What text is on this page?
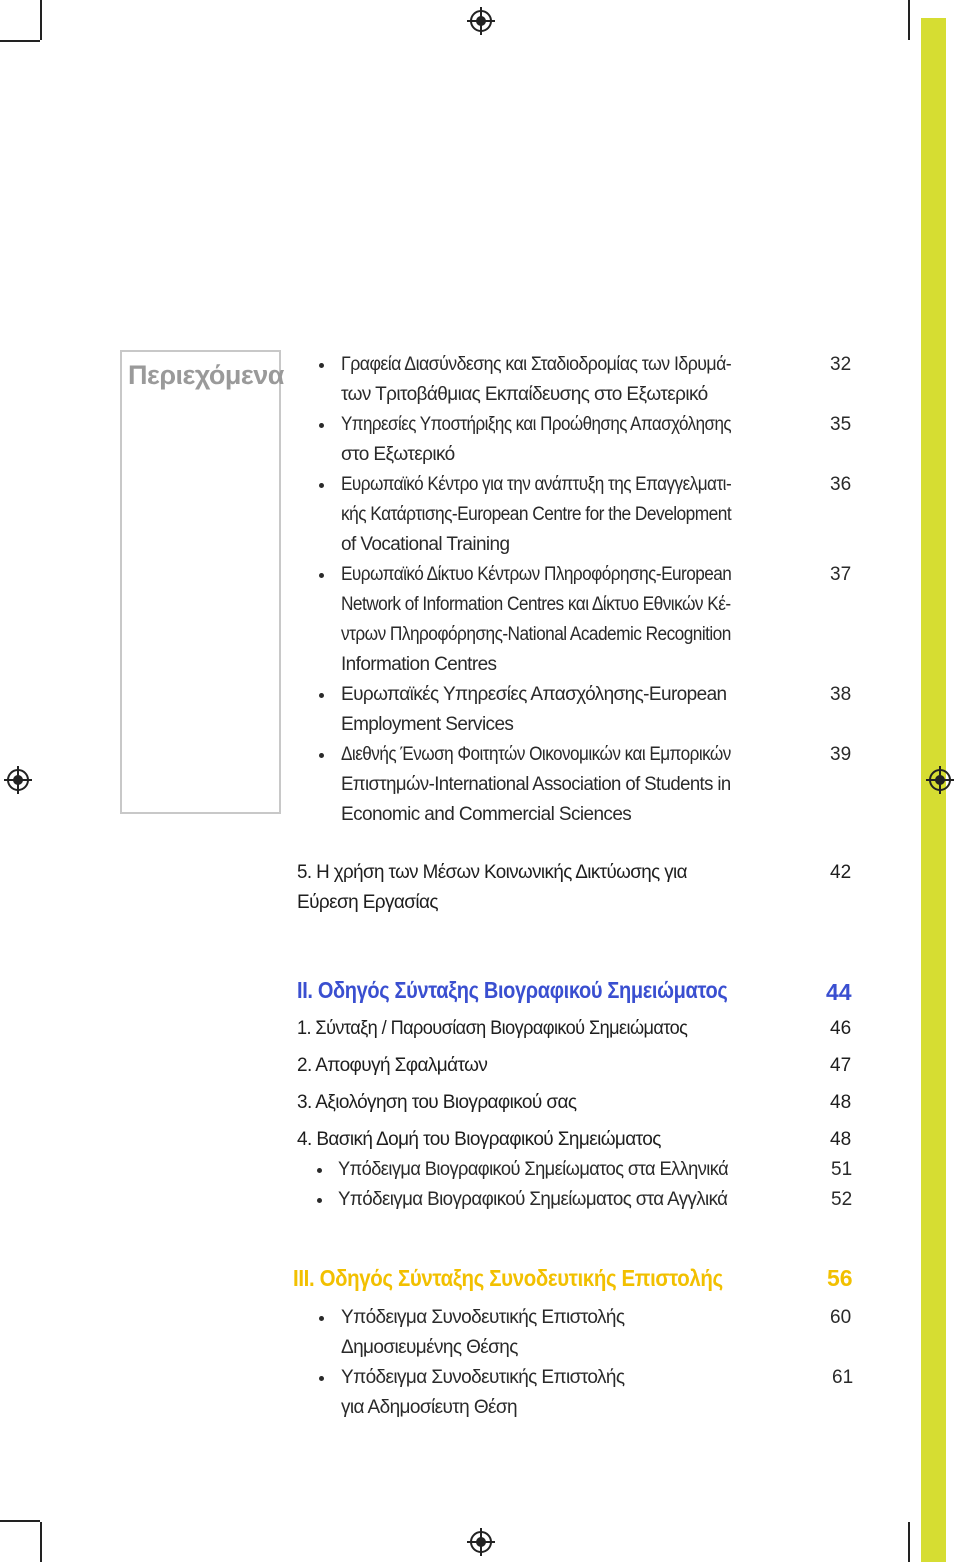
Περιεχόμενα	Γραφεία Διασύνδεσης και Σταδιοδρομίας των Ιδρυμά-
των Τριτοβάθμιας Εκπαίδευσης στο Εξωτερικό
32
Υπηρεσίες Υποστήριξης και Προώθησης Απασχόλησης
στο Εξωτερικό
35
Ευρωπαϊκό Κέντρο για την ανάπτυξη της Επαγγελματι-
κής Κατάρτισης-European Centre for the Development
of Vocational Training
36
Ευρωπαϊκό Δίκτυο Κέντρων Πληροφόρησης-European
Network of Information Centres και Δίκτυο Εθνικών Κέ-
ντρων Πληροφόρησης-National Academic Recognition
Information Centres
37
Ευρωπαϊκές Υπηρεσίες Απασχόλησης-European
Employment Services
38
Διεθνής Ένωση Φοιτητών Οικονομικών και Εμπορικών
Επιστημών-International Association of Students in
Economic and Commercial Sciences
39
5. Η χρήση των Μέσων Κοινωνικής Δικτύωσης για
Εύρεση Εργασίας
42
II. Οδηγός Σύνταξης Βιογραφικού Σημειώματος	44
1. Σύνταξη / Παρουσίαση Βιογραφικού Σημειώματος	46
2. Αποφυγή Σφαλμάτων	47
3. Αξιολόγηση του Βιογραφικού σας	48
4. Βασική Δομή του Βιογραφικού Σημειώματος	48
Υπόδειγμα Βιογραφικού Σημείωματος στα Ελληνικά	51
Υπόδειγμα Βιογραφικού Σημείωματος στα Αγγλικά	52
III. Οδηγός Σύνταξης Συνοδευτικής Επιστολής	56
Υπόδειγμα Συνοδευτικής Επιστολής
Δημοσιευμένης Θέσης
60
Υπόδειγμα Συνοδευτικής Επιστολής
για Αδημοσίευτη Θέση
61
